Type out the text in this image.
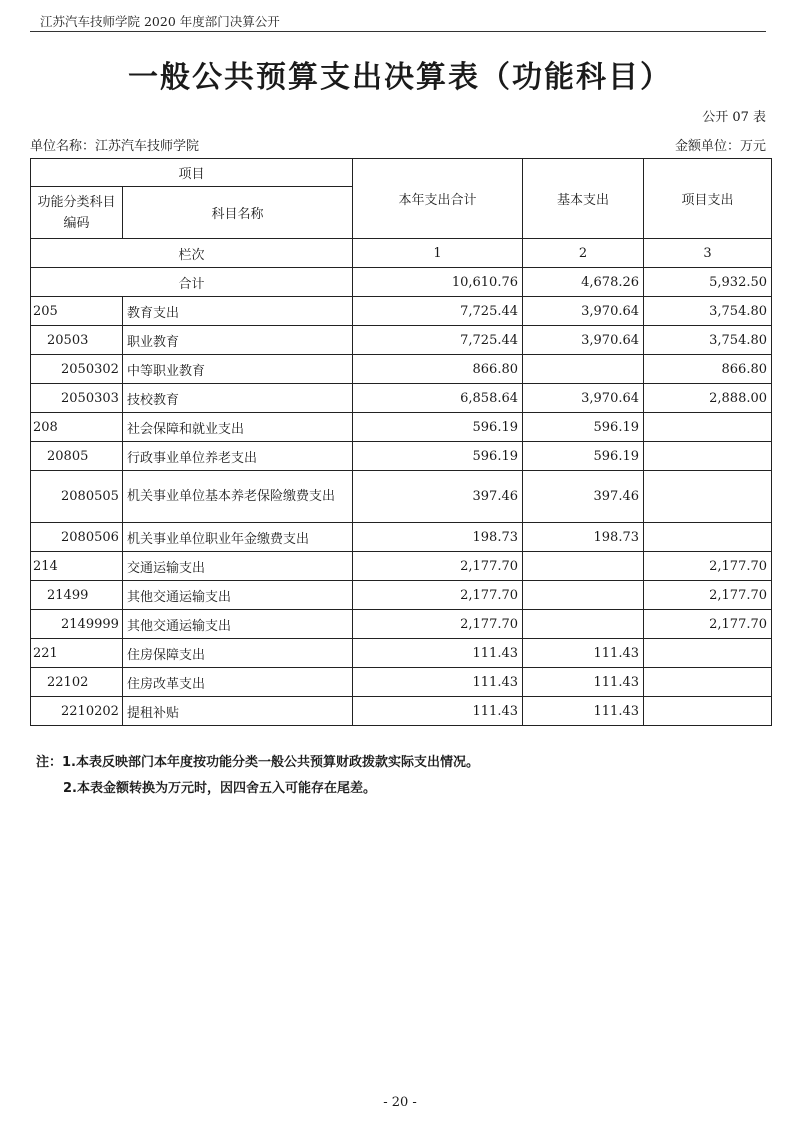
江苏汽车技师学院 2020 年度部门决算公开
一般公共预算支出决算表（功能科目）
公开 07 表
单位名称：江苏汽车技师学院	金额单位：万元
项目		本年支出合计	基本支出	项目支出
功能分类科目编码	科目名称			
栏次		1	2	3
合计		10,610.76	4,678.26	5,932.50
205	教育支出	7,725.44	3,970.64	3,754.80
20503	职业教育	7,725.44	3,970.64	3,754.80
2050302	中等职业教育	866.80		866.80
2050303	技校教育	6,858.64	3,970.64	2,888.00
208	社会保障和就业支出	596.19	596.19	
20805	行政事业单位养老支出	596.19	596.19	
2080505	机关事业单位基本养老保险缴费支出	397.46	397.46	
2080506	机关事业单位职业年金缴费支出	198.73	198.73	
214	交通运输支出	2,177.70		2,177.70
21499	其他交通运输支出	2,177.70		2,177.70
2149999	其他交通运输支出	2,177.70		2,177.70
221	住房保障支出	111.43	111.43	
22102	住房改革支出	111.43	111.43	
2210202	提租补贴	111.43	111.43	
注：1.本表反映部门本年度按功能分类一般公共预算财政拨款实际支出情况。
2.本表金额转换为万元时，因四舍五入可能存在尾差。
- 20 -
